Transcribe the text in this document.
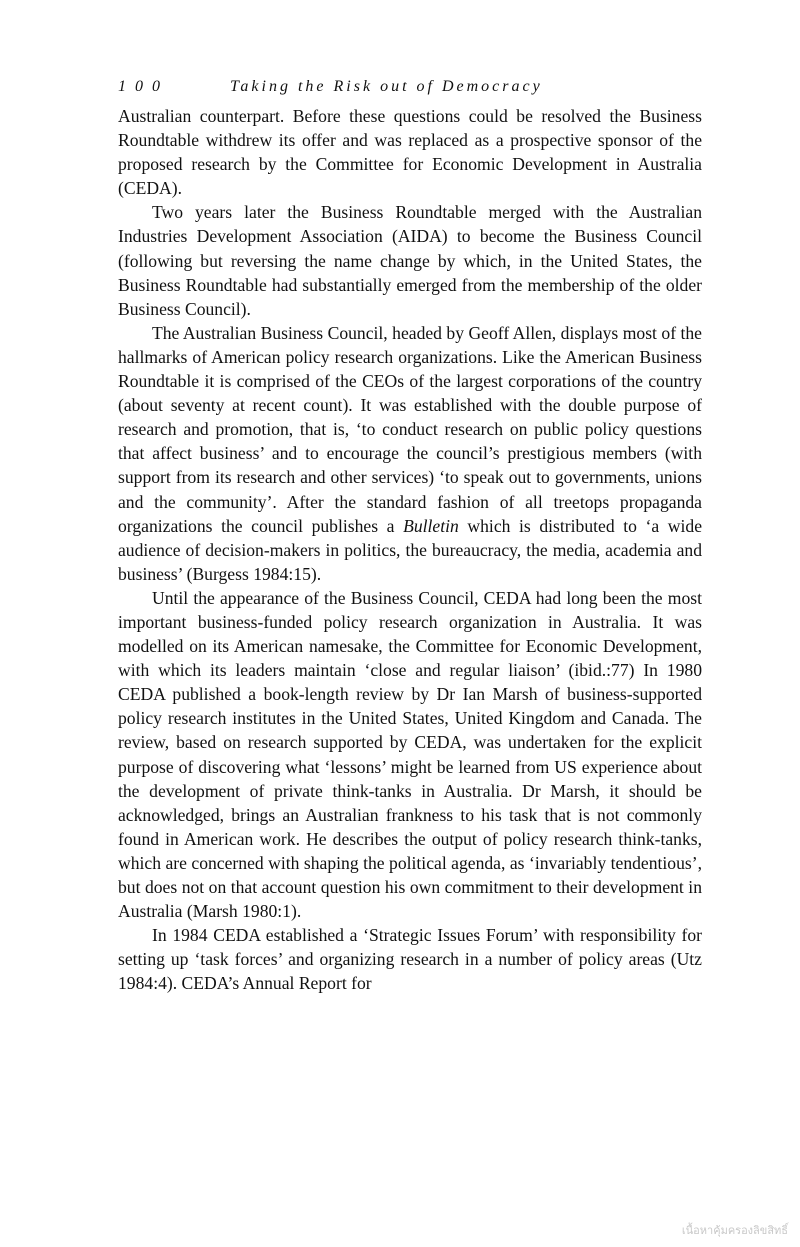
100	Taking the Risk out of Democracy

Australian counterpart. Before these questions could be resolved the Business Roundtable withdrew its offer and was replaced as a prospective sponsor of the proposed research by the Committee for Economic Development in Australia (CEDA).

Two years later the Business Roundtable merged with the Australian Industries Development Association (AIDA) to become the Business Council (following but reversing the name change by which, in the United States, the Business Roundtable had substantially emerged from the membership of the older Business Council).

The Australian Business Council, headed by Geoff Allen, displays most of the hallmarks of American policy research organizations. Like the American Business Roundtable it is comprised of the CEOs of the largest corporations of the country (about seventy at recent count). It was established with the double purpose of research and promotion, that is, ‘to conduct research on public policy questions that affect business’ and to encourage the council’s prestigious members (with support from its research and other services) ‘to speak out to governments, unions and the community’. After the standard fashion of all treetops propaganda organizations the council publishes a Bulletin which is distributed to ‘a wide audience of decision-makers in politics, the bureaucracy, the media, academia and business’ (Burgess 1984:15).

Until the appearance of the Business Council, CEDA had long been the most important business-funded policy research organization in Australia. It was modelled on its American namesake, the Committee for Economic Development, with which its leaders maintain ‘close and regular liaison’ (ibid.:77) In 1980 CEDA published a book-length review by Dr Ian Marsh of business-supported policy research institutes in the United States, United Kingdom and Canada. The review, based on research supported by CEDA, was undertaken for the explicit purpose of discovering what ‘lessons’ might be learned from US experience about the development of private think-tanks in Australia. Dr Marsh, it should be acknowledged, brings an Australian frankness to his task that is not commonly found in American work. He describes the output of policy research think-tanks, which are concerned with shaping the political agenda, as ‘invariably tendentious’, but does not on that account question his own commitment to their development in Australia (Marsh 1980:1).

In 1984 CEDA established a ‘Strategic Issues Forum’ with responsibility for setting up ‘task forces’ and organizing research in a number of policy areas (Utz 1984:4). CEDA’s Annual Report for

เนื้อหาคุ้มครองลิขสิทธิ์
